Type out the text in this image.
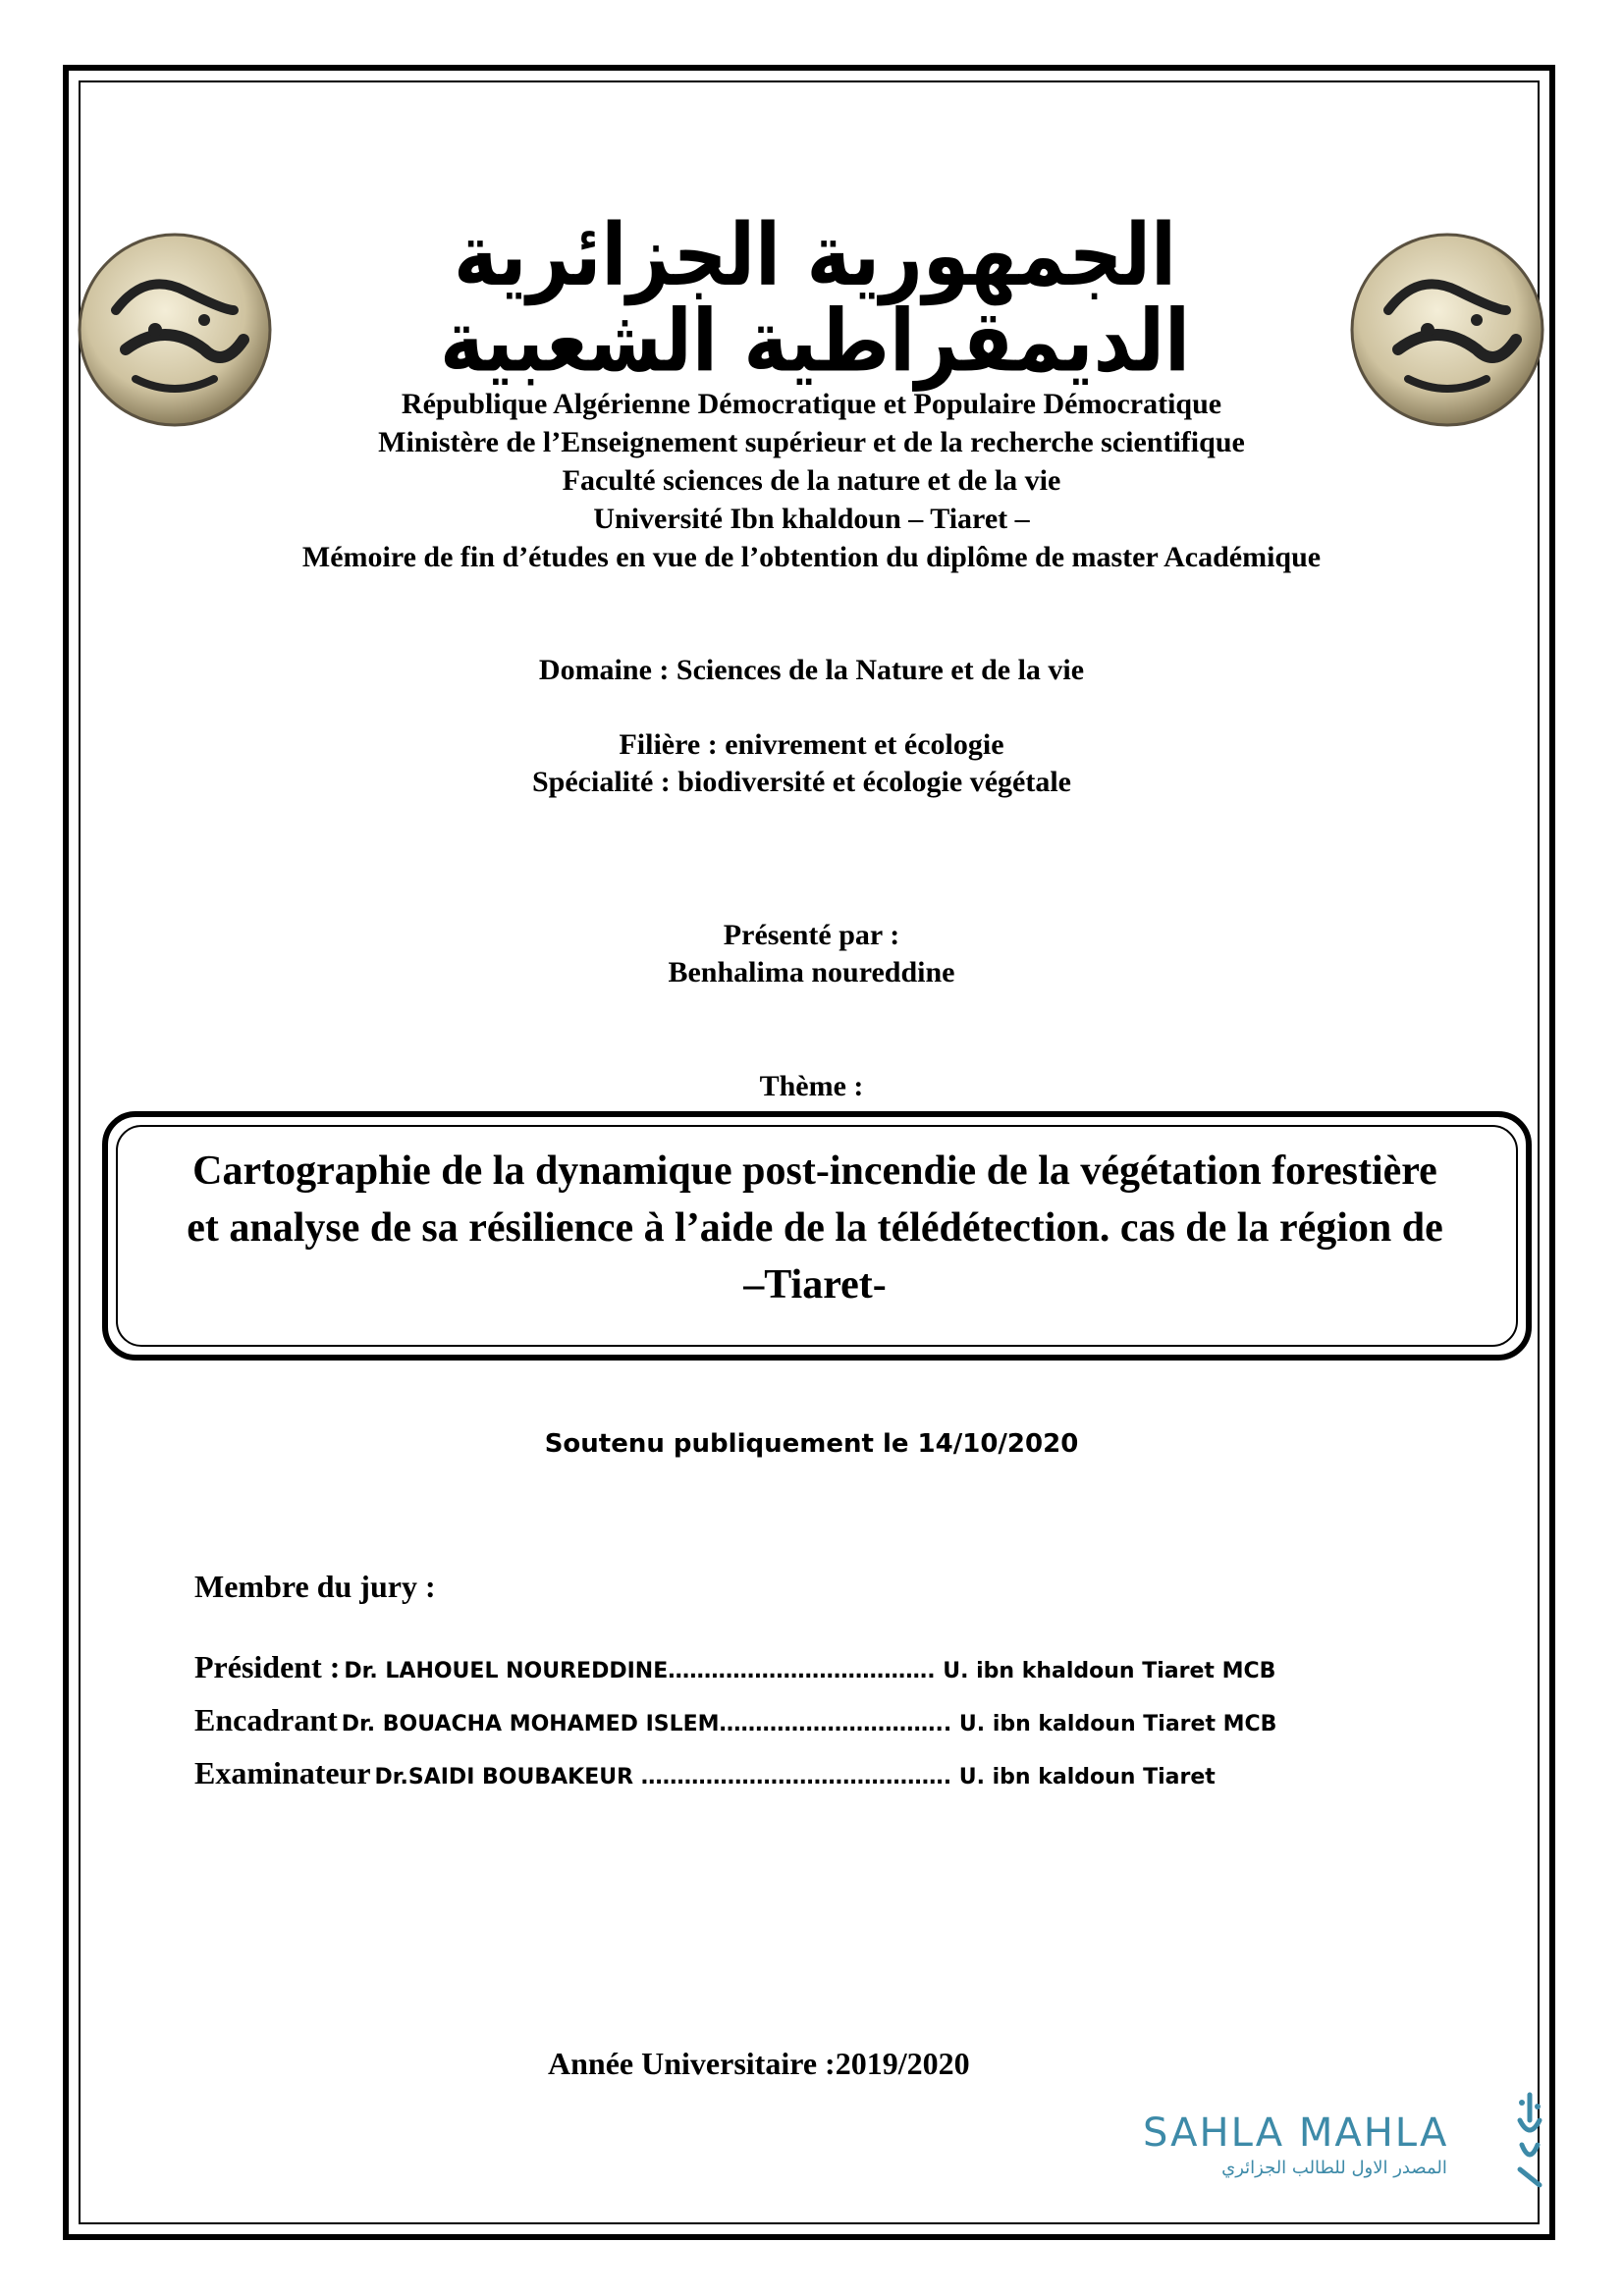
الجمهورية الجزائرية الديمقراطية الشعبية
République Algérienne Démocratique et Populaire Démocratique
Ministère de l’Enseignement supérieur et de la recherche scientifique
Faculté sciences de la nature et de la vie
Université Ibn khaldoun – Tiaret –
Mémoire de fin d’études en vue de l’obtention du diplôme de master Académique
Domaine : Sciences de la Nature et de la vie
Filière : enivrement et écologie
Spécialité : biodiversité et écologie végétale
Présenté par :
Benhalima noureddine
Thème :
Cartographie de la dynamique post-incendie de la végétation forestière
et analyse de sa résilience à l’aide de la télédétection. cas de la région de
–Tiaret-
Soutenu publiquement le 14/10/2020
Membre du jury :
Président : Dr. LAHOUEL NOUREDDINE………………………………. U. ibn khaldoun Tiaret MCB
Encadrant Dr. BOUACHA MOHAMED ISLEM………………………….. U. ibn kaldoun Tiaret MCB
Examinateur Dr.SAIDI BOUBAKEUR ……………………………………. U. ibn kaldoun Tiaret
Année Universitaire :2019/2020
SAHLA MAHLA
المصدر الاول للطالب الجزائري
